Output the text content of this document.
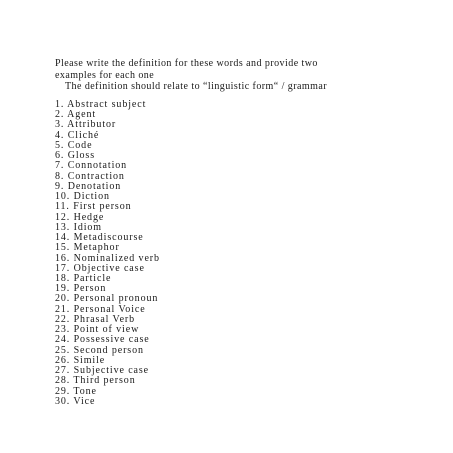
Please write the definition for these words and provide two
examples for each one
The definition should relate to “linguistic form“ / grammar
1. Abstract subject
2. Agent
3. Attributor
4. Cliché
5. Code
6. Gloss
7. Connotation
8. Contraction
9. Denotation
10. Diction
11. First person
12. Hedge
13. Idiom
14. Metadiscourse
15. Metaphor
16. Nominalized verb
17. Objective case
18. Particle
19. Person
20. Personal pronoun
21. Personal Voice
22. Phrasal Verb
23. Point of view
24. Possessive case
25. Second person
26. Simile
27. Subjective case
28. Third person
29. Tone
30. Vice
